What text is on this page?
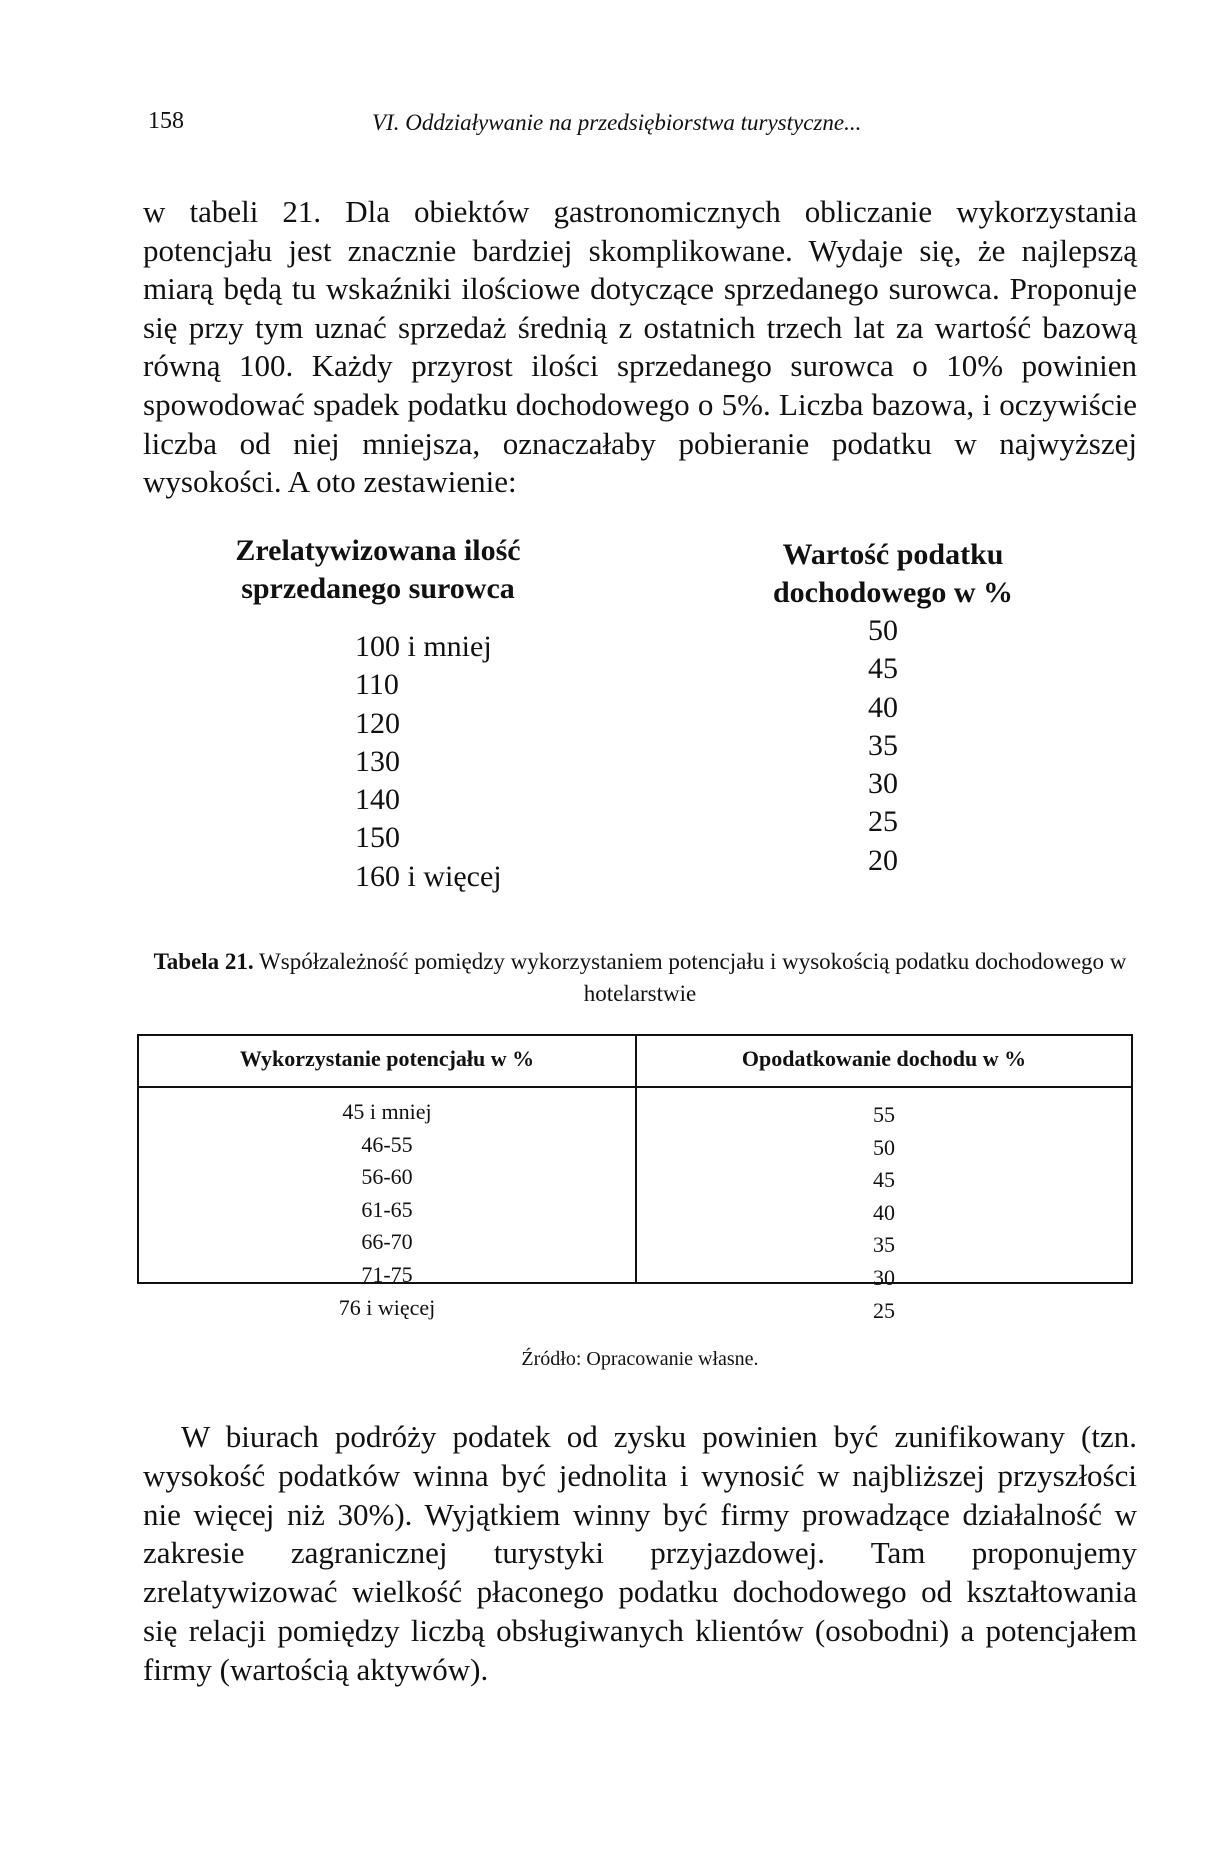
158	VI. Oddziaływanie na przedsiębiorstwa turystyczne...

w tabeli 21. Dla obiektów gastronomicznych obliczanie wykorzystania potencjału jest znacznie bardziej skomplikowane. Wydaje się, że najlepszą miarą będą tu wskaźniki ilościowe dotyczące sprzedanego surowca. Proponuje się przy tym uznać sprzedaż średnią z ostatnich trzech lat za wartość bazową równą 100. Każdy przyrost ilości sprzedanego surowca o 10% powinien spowodować spadek podatku dochodowego o 5%. Liczba bazowa, i oczywiście liczba od niej mniejsza, oznaczałaby pobieranie podatku w najwyższej wysokości. A oto zestawienie:

Zrelatywizowana ilość sprzedanego surowca
Wartość podatku dochodowego w %
100 i mniej
110
120
130
140
150
160 i więcej
50
45
40
35
30
25
20
Tabela 21. Współzależność pomiędzy wykorzystaniem potencjału i wysokością podatku dochodowego w hotelarstwie
Wykorzystanie potencjału w %	Opodatkowanie dochodu w %
45 i mniej
46-55
56-60
61-65
66-70
71-75
76 i więcej
55
50
45
40
35
30
25
Źródło: Opracowanie własne.

W biurach podróży podatek od zysku powinien być zunifikowany (tzn. wysokość podatków winna być jednolita i wynosić w najbliższej przyszłości nie więcej niż 30%). Wyjątkiem winny być firmy prowadzące działalność w zakresie zagranicznej turystyki przyjazdowej. Tam proponujemy zrelatywizować wielkość płaconego podatku dochodowego od kształtowania się relacji pomiędzy liczbą obsługiwanych klientów (osobodni) a potencjałem firmy (wartością aktywów).
